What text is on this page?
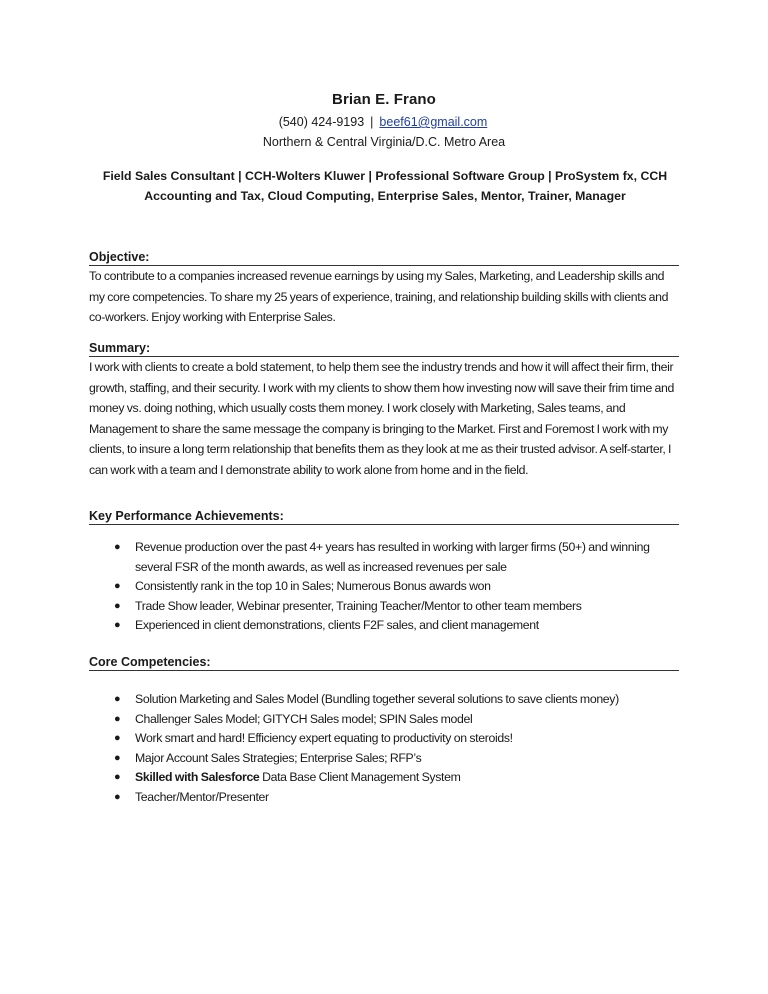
Brian E. Frano
(540) 424-9193 | beef61@gmail.com
Northern & Central Virginia/D.C. Metro Area
Field Sales Consultant | CCH-Wolters Kluwer | Professional Software Group | ProSystem fx, CCH Accounting and Tax, Cloud Computing, Enterprise Sales, Mentor, Trainer, Manager
Objective:
To contribute to a companies increased revenue earnings by using my Sales, Marketing, and Leadership skills and my core competencies. To share my 25 years of experience, training, and relationship building skills with clients and co-workers. Enjoy working with Enterprise Sales.
Summary:
I work with clients to create a bold statement, to help them see the industry trends and how it will affect their firm, their growth, staffing, and their security. I work with my clients to show them how investing now will save their frim time and money vs. doing nothing, which usually costs them money. I work closely with Marketing, Sales teams, and Management to share the same message the company is bringing to the Market. First and Foremost I work with my clients, to insure a long term relationship that benefits them as they look at me as their trusted advisor. A self-starter, I can work with a team and I demonstrate ability to work alone from home and in the field.
Key Performance Achievements:
● Revenue production over the past 4+ years has resulted in working with larger firms (50+) and winning several FSR of the month awards, as well as increased revenues per sale
● Consistently rank in the top 10 in Sales; Numerous Bonus awards won
● Trade Show leader, Webinar presenter, Training Teacher/Mentor to other team members
● Experienced in client demonstrations, clients F2F sales, and client management
Core Competencies:
● Solution Marketing and Sales Model (Bundling together several solutions to save clients money)
● Challenger Sales Model; GITYCH Sales model; SPIN Sales model
● Work smart and hard! Efficiency expert equating to productivity on steroids!
● Major Account Sales Strategies; Enterprise Sales; RFP’s
● Skilled with Salesforce Data Base Client Management System
● Teacher/Mentor/Presenter
